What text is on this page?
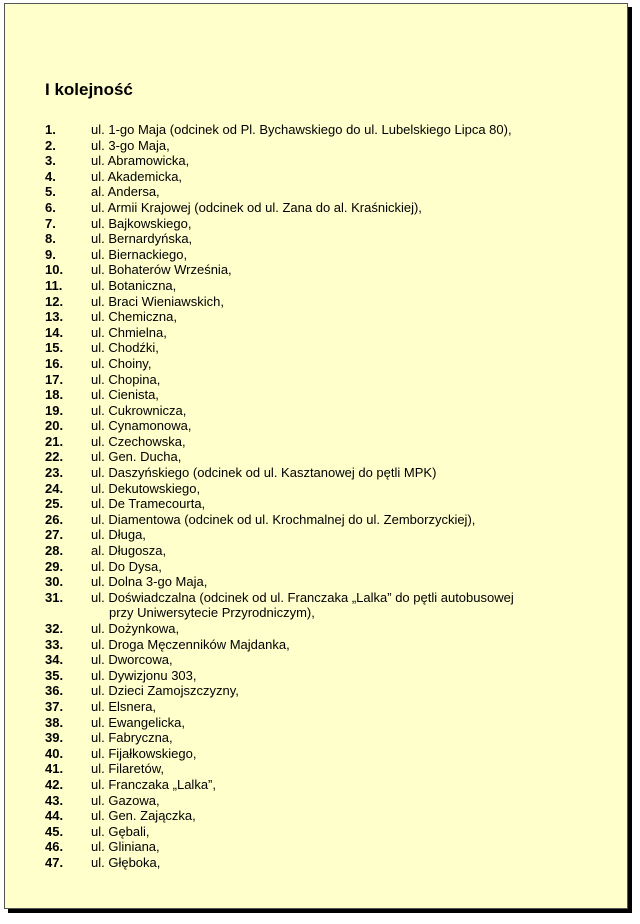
I kolejność
1.	ul. 1-go Maja (odcinek od Pl. Bychawskiego do ul. Lubelskiego Lipca 80),
2.	ul. 3-go Maja,
3.	ul. Abramowicka,
4.	ul. Akademicka,
5.	al. Andersa,
6.	ul. Armii Krajowej (odcinek od ul. Zana do al. Kraśnickiej),
7.	ul. Bajkowskiego,
8.	ul. Bernardyńska,
9.	ul. Biernackiego,
10.	ul. Bohaterów Września,
11.	ul. Botaniczna,
12.	ul. Braci Wieniawskich,
13.	ul. Chemiczna,
14.	ul. Chmielna,
15.	ul. Chodźki,
16.	ul. Choiny,
17.	ul. Chopina,
18.	ul. Cienista,
19.	ul. Cukrownicza,
20.	ul. Cynamonowa,
21.	ul. Czechowska,
22.	ul. Gen. Ducha,
23.	ul. Daszyńskiego (odcinek od ul. Kasztanowej do pętli MPK)
24.	ul. Dekutowskiego,
25.	ul. De Tramecourta,
26.	ul. Diamentowa (odcinek od ul. Krochmalnej do ul. Zemborzyckiej),
27.	ul. Długa,
28.	al. Długosza,
29.	ul. Do Dysa,
30.	ul. Dolna 3-go Maja,
31.	ul. Doświadczalna (odcinek od ul. Franczaka „Lalka” do pętli autobusowej
przy Uniwersytecie Przyrodniczym),
32.	ul. Dożynkowa,
33.	ul. Droga Męczenników Majdanka,
34.	ul. Dworcowa,
35.	ul. Dywizjonu 303,
36.	ul. Dzieci Zamojszczyzny,
37.	ul. Elsnera,
38.	ul. Ewangelicka,
39.	ul. Fabryczna,
40.	ul. Fijałkowskiego,
41.	ul. Filaretów,
42.	ul. Franczaka „Lalka”,
43.	ul. Gazowa,
44.	ul. Gen. Zajączka,
45.	ul. Gębali,
46.	ul. Gliniana,
47.	ul. Głęboka,
